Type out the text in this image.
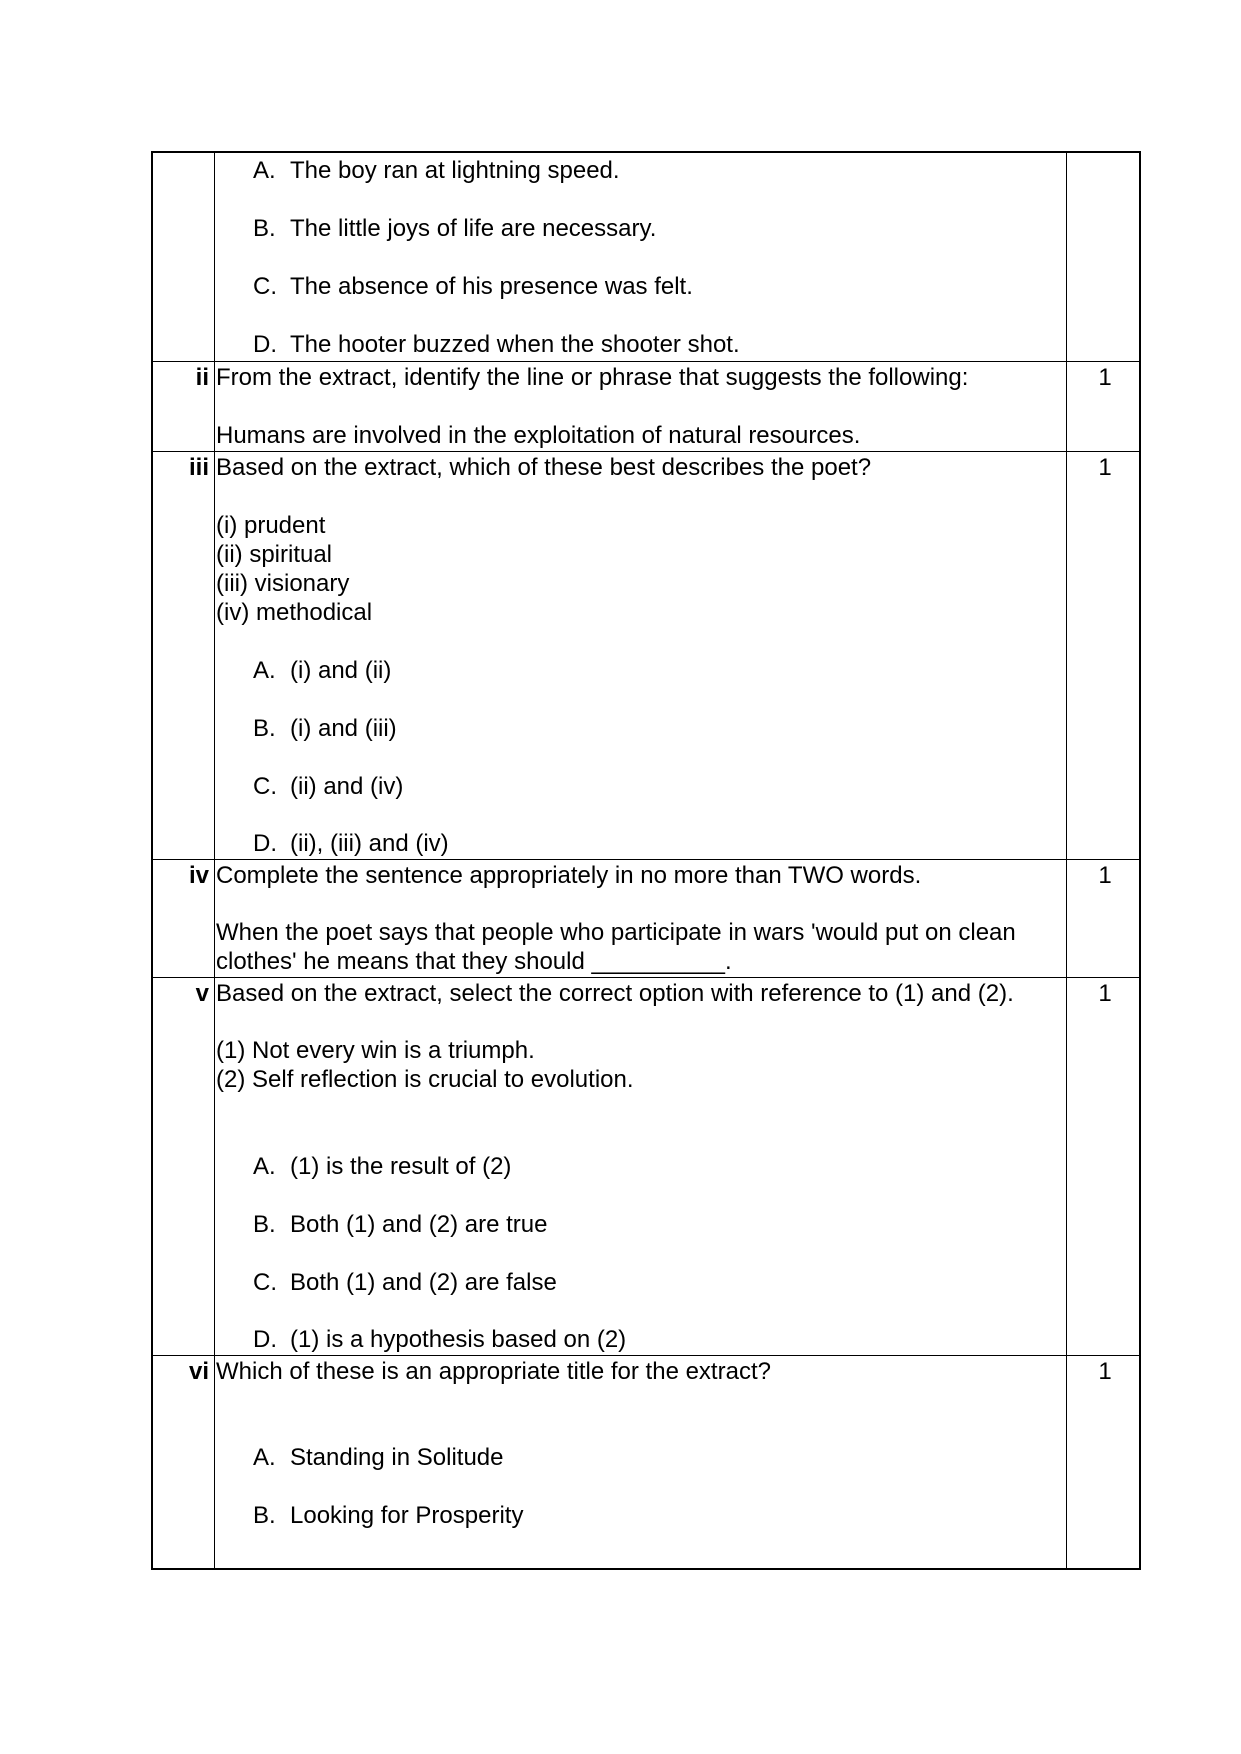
A. The boy ran at lightning speed.
B. The little joys of life are necessary.
C. The absence of his presence was felt.
D. The hooter buzzed when the shooter shot.
ii From the extract, identify the line or phrase that suggests the following:	1
Humans are involved in the exploitation of natural resources.
iii Based on the extract, which of these best describes the poet?	1
(i) prudent
(ii) spiritual
(iii) visionary
(iv) methodical
A. (i) and (ii)
B. (i) and (iii)
C. (ii) and (iv)
D. (ii), (iii) and (iv)
iv Complete the sentence appropriately in no more than TWO words.	1
When the poet says that people who participate in wars 'would put on clean
clothes' he means that they should __________.
v Based on the extract, select the correct option with reference to (1) and (2).	1
(1) Not every win is a triumph.
(2) Self reflection is crucial to evolution.
A. (1) is the result of (2)
B. Both (1) and (2) are true
C. Both (1) and (2) are false
D. (1) is a hypothesis based on (2)
vi Which of these is an appropriate title for the extract?	1
A. Standing in Solitude
B. Looking for Prosperity
